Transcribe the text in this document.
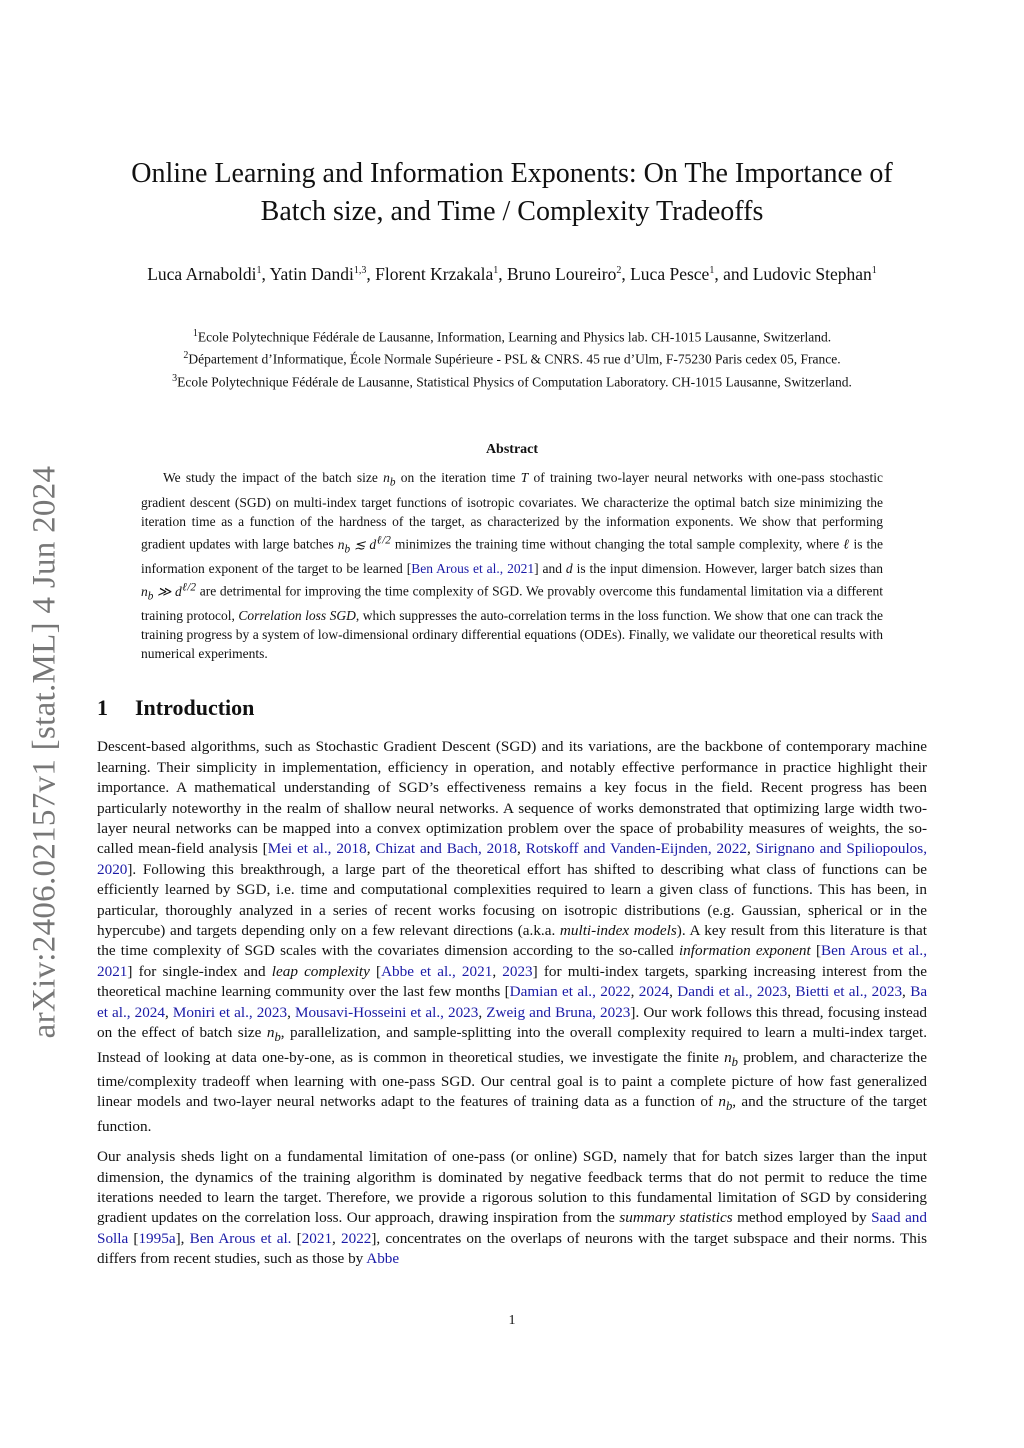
arXiv:2406.02157v1 [stat.ML] 4 Jun 2024
Online Learning and Information Exponents: On The Importance of
Batch size, and Time / Complexity Tradeoffs
Luca Arnaboldi$^1$, Yatin Dandi$^{1,3}$, Florent Krzakala$^1$, Bruno Loureiro$^2$, Luca Pesce$^1$, and Ludovic Stephan$^1$
$^1$Ecole Polytechnique Fédérale de Lausanne, Information, Learning and Physics lab. CH-1015 Lausanne, Switzerland.
$^2$Département d’Informatique, École Normale Supérieure - PSL & CNRS. 45 rue d’Ulm, F-75230 Paris cedex 05, France.
$^3$Ecole Polytechnique Fédérale de Lausanne, Statistical Physics of Computation Laboratory. CH-1015 Lausanne, Switzerland.
Abstract
We study the impact of the batch size $n_b$ on the iteration time T of training two-layer neural networks with one-pass stochastic gradient descent (SGD) on multi-index target functions of isotropic covariates. We characterize the optimal batch size minimizing the iteration time as a function of the hardness of the target, as characterized by the information exponents. We show that performing gradient updates with large batches $n_b$ ≲ $d^{\ell/2}$ minimizes the training time without changing the total sample complexity, where ℓ is the information exponent of the target to be learned [Ben Arous et al., 2021] and d is the input dimension. However, larger batch sizes than $n_b$ ≫ $d^{\ell/2}$ are detrimental for improving the time complexity of SGD. We provably overcome this fundamental limitation via a different training protocol, Correlation loss SGD, which suppresses the auto-correlation terms in the loss function. We show that one can track the training progress by a system of low-dimensional ordinary differential equations (ODEs). Finally, we validate our theoretical results with numerical experiments.
1 Introduction

Descent-based algorithms, such as Stochastic Gradient Descent (SGD) and its variations, are the backbone of contemporary machine learning. Their simplicity in implementation, efficiency in operation, and notably effective performance in practice highlight their importance. A mathematical understanding of SGD’s effectiveness remains a key focus in the field. Recent progress has been particularly noteworthy in the realm of shallow neural networks. A sequence of works demonstrated that optimizing large width two-layer neural networks can be mapped into a convex optimization problem over the space of probability measures of weights, the so-called mean-field analysis [Mei et al., 2018, Chizat and Bach, 2018, Rotskoff and Vanden-Eijnden, 2022, Sirignano and Spiliopoulos, 2020]. Following this breakthrough, a large part of the theoretical effort has shifted to describing what class of functions can be efficiently learned by SGD, i.e. time and computational complexities required to learn a given class of functions. This has been, in particular, thoroughly analyzed in a series of recent works focusing on isotropic distributions (e.g. Gaussian, spherical or in the hypercube) and targets depending only on a few relevant directions (a.k.a. multi-index models). A key result from this literature is that the time complexity of SGD scales with the covariates dimension according to the so-called information exponent [Ben Arous et al., 2021] for single-index and leap complexity [Abbe et al., 2021, 2023] for multi-index targets, sparking increasing interest from the theoretical machine learning community over the last few months [Damian et al., 2022, 2024, Dandi et al., 2023, Bietti et al., 2023, Ba et al., 2024, Moniri et al., 2023, Mousavi-Hosseini et al., 2023, Zweig and Bruna, 2023]. Our work follows this thread, focusing instead on the effect of batch size $n_b$, parallelization, and sample-splitting into the overall complexity required to learn a multi-index target. Instead of looking at data one-by-one, as is common in theoretical studies, we investigate the finite $n_b$ problem, and characterize the time/complexity tradeoff when learning with one-pass SGD. Our central goal is to paint a complete picture of how fast generalized linear models and two-layer neural networks adapt to the features of training data as a function of $n_b$, and the structure of the target function.

Our analysis sheds light on a fundamental limitation of one-pass (or online) SGD, namely that for batch sizes larger than the input dimension, the dynamics of the training algorithm is dominated by negative feedback terms that do not permit to reduce the time iterations needed to learn the target. Therefore, we provide a rigorous solution to this fundamental limitation of SGD by considering gradient updates on the correlation loss. Our approach, drawing inspiration from the summary statistics method employed by Saad and Solla [1995a], Ben Arous et al. [2021, 2022], concentrates on the overlaps of neurons with the target subspace and their norms. This differs from recent studies, such as those by Abbe

1
